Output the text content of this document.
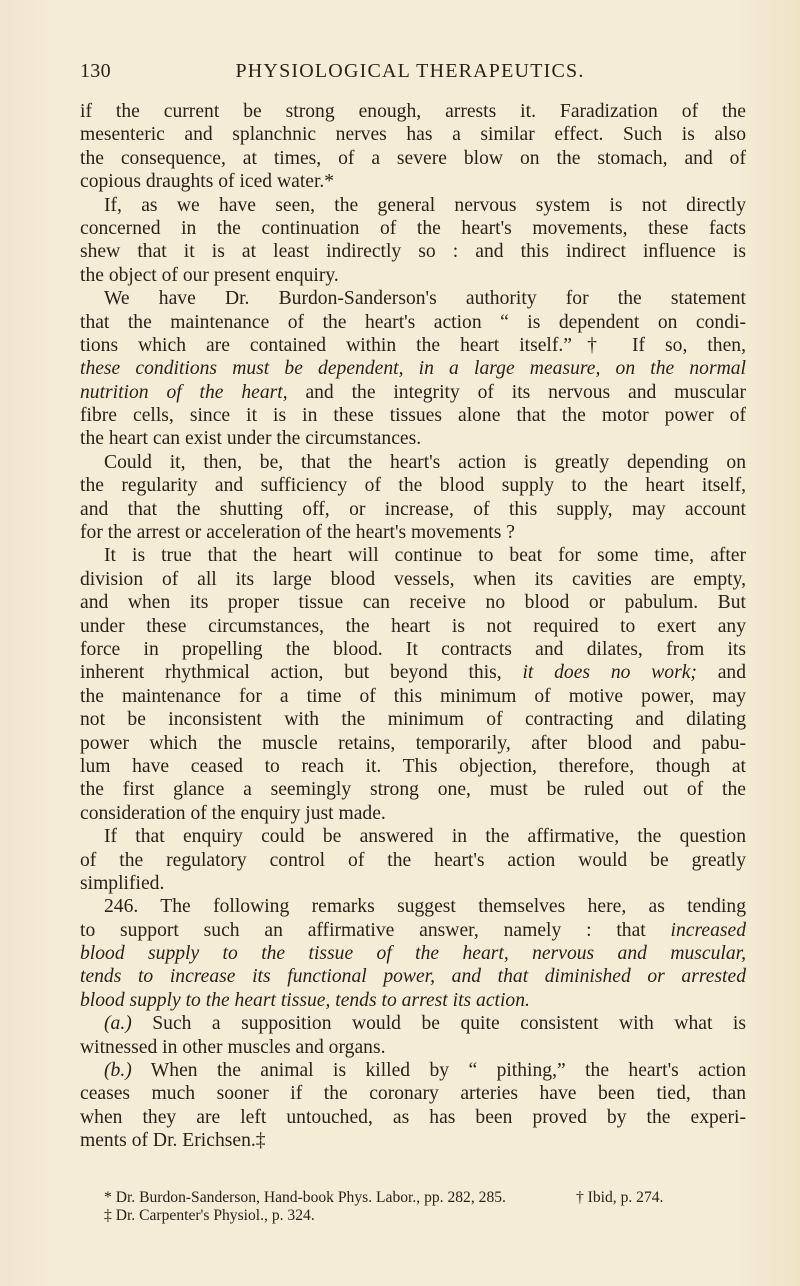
130	PHYSIOLOGICAL THERAPEUTICS.
if the current be strong enough, arrests it. Faradization of the
mesenteric and splanchnic nerves has a similar effect. Such is also
the consequence, at times, of a severe blow on the stomach, and of
copious draughts of iced water.*
If, as we have seen, the general nervous system is not directly
concerned in the continuation of the heart's movements, these facts
shew that it is at least indirectly so : and this indirect influence is
the object of our present enquiry.
We have Dr. Burdon-Sanderson's authority for the statement
that the maintenance of the heart's action “ is dependent on condi-
tions which are contained within the heart itself.”† If so, then,
these conditions must be dependent, in a large measure, on the normal
nutrition of the heart, and the integrity of its nervous and muscular
fibre cells, since it is in these tissues alone that the motor power of
the heart can exist under the circumstances.
Could it, then, be, that the heart's action is greatly depending on
the regularity and sufficiency of the blood supply to the heart itself,
and that the shutting off, or increase, of this supply, may account
for the arrest or acceleration of the heart's movements ?
It is true that the heart will continue to beat for some time, after
division of all its large blood vessels, when its cavities are empty,
and when its proper tissue can receive no blood or pabulum. But
under these circumstances, the heart is not required to exert any
force in propelling the blood. It contracts and dilates, from its
inherent rhythmical action, but beyond this, it does no work; and
the maintenance for a time of this minimum of motive power, may
not be inconsistent with the minimum of contracting and dilating
power which the muscle retains, temporarily, after blood and pabu-
lum have ceased to reach it. This objection, therefore, though at
the first glance a seemingly strong one, must be ruled out of the
consideration of the enquiry just made.
If that enquiry could be answered in the affirmative, the question
of the regulatory control of the heart's action would be greatly
simplified.
246. The following remarks suggest themselves here, as tending
to support such an affirmative answer, namely : that increased
blood supply to the tissue of the heart, nervous and muscular,
tends to increase its functional power, and that diminished or arrested
blood supply to the heart tissue, tends to arrest its action.
(a.) Such a supposition would be quite consistent with what is
witnessed in other muscles and organs.
(b.) When the animal is killed by “ pithing,” the heart's action
ceases much sooner if the coronary arteries have been tied, than
when they are left untouched, as has been proved by the experi-
ments of Dr. Erichsen.‡
* Dr. Burdon-Sanderson, Hand-book Phys. Labor., pp. 282, 285.	† Ibid, p. 274.
‡ Dr. Carpenter's Physiol., p. 324.
